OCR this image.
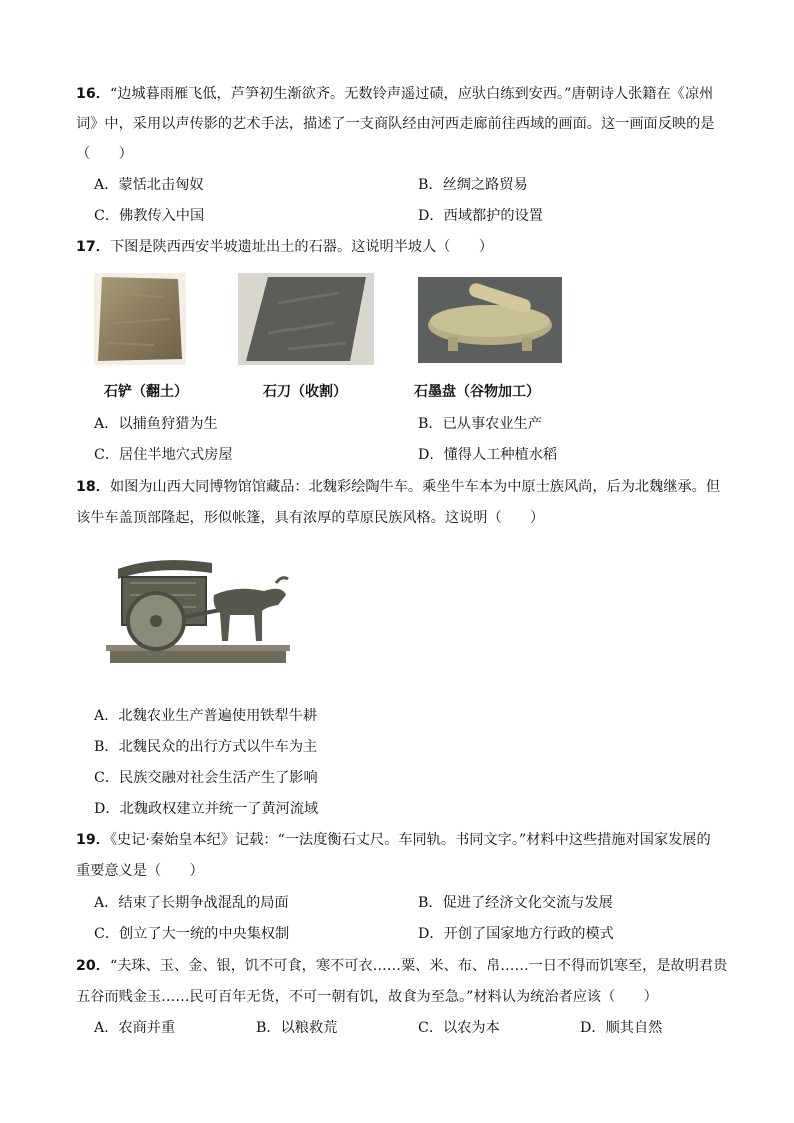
16．“边城暮雨雁飞低，芦笋初生渐欲齐。无数铃声遥过碛，应驮白练到安西。”唐朝诗人张籍在《凉州
词》中，采用以声传影的艺术手法，描述了一支商队经由河西走廊前往西域的画面。这一画面反映的是
（　　）
A．蒙恬北击匈奴	B．丝绸之路贸易
C．佛教传入中国	D．西域都护的设置
17．下图是陕西西安半坡遗址出土的石器。这说明半坡人（　　）
石铲（翻土）	石刀（收割）	石墨盘（谷物加工）
A．以捕鱼狩猎为生	B．已从事农业生产
C．居住半地穴式房屋	D．懂得人工种植水稻
18．如图为山西大同博物馆馆藏品：北魏彩绘陶牛车。乘坐牛车本为中原士族风尚，后为北魏继承。但
该牛车盖顶部隆起，形似帐篷，具有浓厚的草原民族风格。这说明（　　）
A．北魏农业生产普遍使用铁犁牛耕
B．北魏民众的出行方式以牛车为主
C．民族交融对社会生活产生了影响
D．北魏政权建立并统一了黄河流域
19．《史记·秦始皇本纪》记载：“一法度衡石丈尺。车同轨。书同文字。”材料中这些措施对国家发展的
重要意义是（　　）
A．结束了长期争战混乱的局面	B．促进了经济文化交流与发展
C．创立了大一统的中央集权制	D．开创了国家地方行政的模式
20．“夫珠、玉、金、银，饥不可食，寒不可衣……粟、米、布、帛……一日不得而饥寒至，是故明君贵
五谷而贱金玉……民可百年无货，不可一朝有饥，故食为至急。”材料认为统治者应该（　　）
A．农商并重	B．以粮救荒	C．以农为本	D．顺其自然
